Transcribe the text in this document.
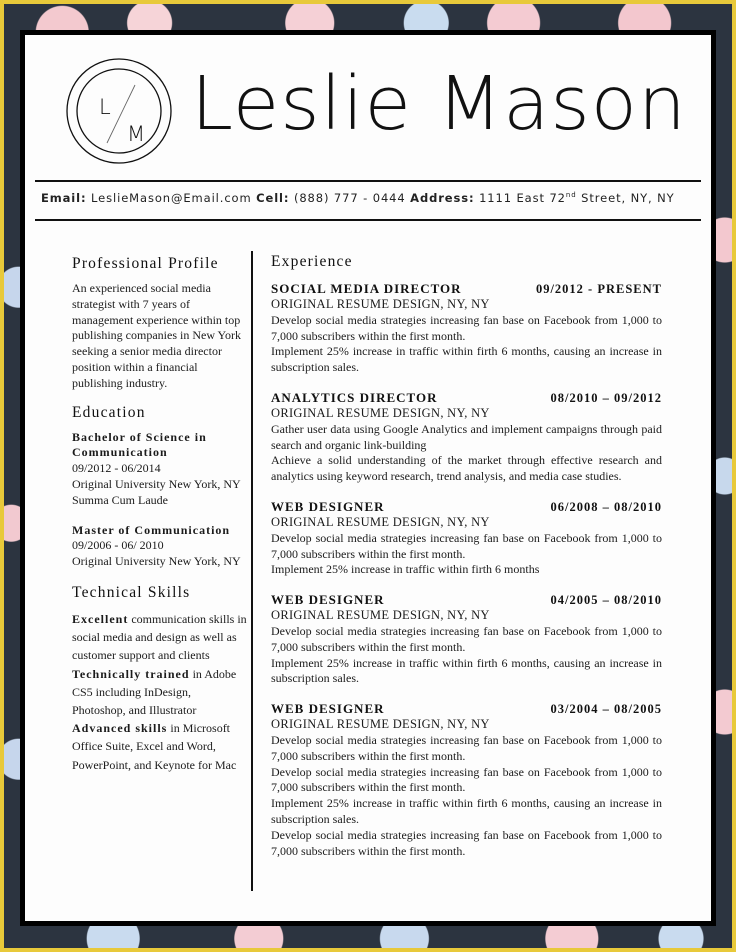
L
M Leslie Mason
Email: LeslieMason@Email.com Cell: (888) 777 - 0444 Address: 1111 East 72nd Street, NY, NY
Professional Profile

An experienced social media strategist with 7 years of management experience within top publishing companies in New York seeking a senior media director position within a financial publishing industry.

Education
Bachelor of Science in Communication
09/2012 - 06/2014
Original University New York, NY
Summa Cum Laude
Master of Communication
09/2006 - 06/ 2010
Original University New York, NY
Technical Skills
Excellent communication skills in social media and design as well as customer support and clients
Technically trained in Adobe CS5 including InDesign, Photoshop, and Illustrator
Advanced skills in Microsoft Office Suite, Excel and Word, PowerPoint, and Keynote for Mac
Experience
SOCIAL MEDIA DIRECTOR	09/2012 - PRESENT
ORIGINAL RESUME DESIGN, NY, NY
Develop social media strategies increasing fan base on Facebook from 1,000 to 7,000 subscribers within the first month.
Implement 25% increase in traffic within firth 6 months, causing an increase in subscription sales.
ANALYTICS DIRECTOR	08/2010 – 09/2012
ORIGINAL RESUME DESIGN, NY, NY
Gather user data using Google Analytics and implement campaigns through paid search and organic link-building
Achieve a solid understanding of the market through effective research and analytics using keyword research, trend analysis, and media case studies.
WEB DESIGNER	06/2008 – 08/2010
ORIGINAL RESUME DESIGN, NY, NY
Develop social media strategies increasing fan base on Facebook from 1,000 to 7,000 subscribers within the first month.
Implement 25% increase in traffic within firth 6 months
WEB DESIGNER	04/2005 – 08/2010
ORIGINAL RESUME DESIGN, NY, NY
Develop social media strategies increasing fan base on Facebook from 1,000 to 7,000 subscribers within the first month.
Implement 25% increase in traffic within firth 6 months, causing an increase in subscription sales.
WEB DESIGNER	03/2004 – 08/2005
ORIGINAL RESUME DESIGN, NY, NY
Develop social media strategies increasing fan base on Facebook from 1,000 to 7,000 subscribers within the first month.
Develop social media strategies increasing fan base on Facebook from 1,000 to 7,000 subscribers within the first month.
Implement 25% increase in traffic within firth 6 months, causing an increase in subscription sales.
Develop social media strategies increasing fan base on Facebook from 1,000 to 7,000 subscribers within the first month.
